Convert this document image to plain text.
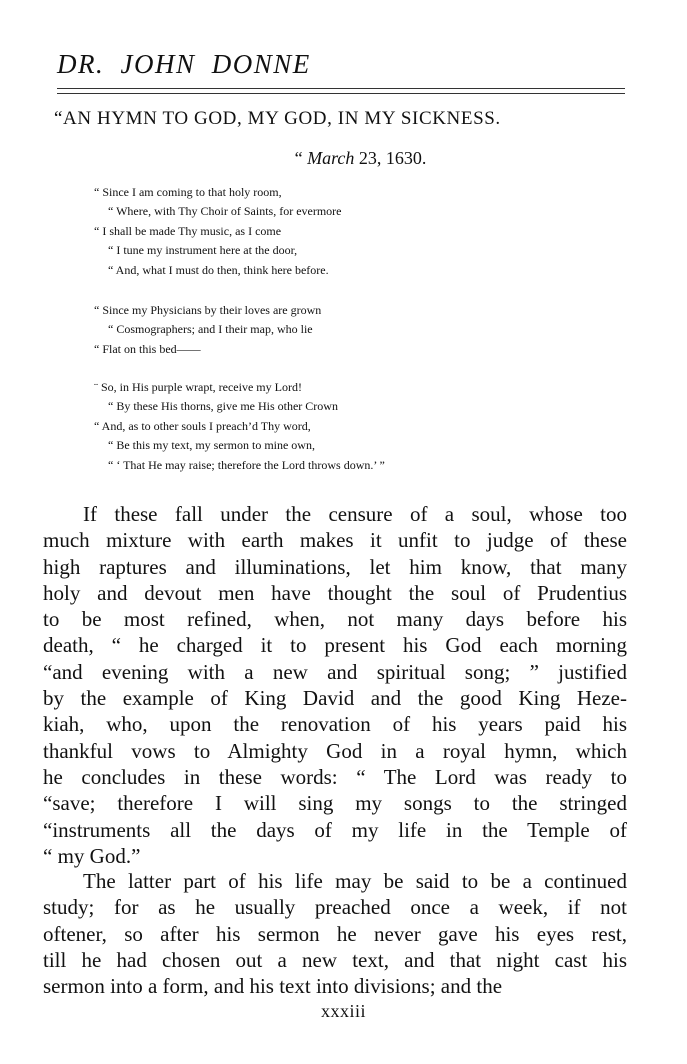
DR. JOHN DONNE
“AN HYMN TO GOD, MY GOD, IN MY SICKNESS.
“ March 23, 1630.
“ Since I am coming to that holy room,
“ Where, with Thy Choir of Saints, for evermore
“ I shall be made Thy music, as I come
“ I tune my instrument here at the door,
“ And, what I must do then, think here before.
“ Since my Physicians by their loves are grown
“ Cosmographers; and I their map, who lie
“ Flat on this bed——
¨ So, in His purple wrapt, receive my Lord!
“ By these His thorns, give me His other Crown
“ And, as to other souls I preach’d Thy word,
“ Be this my text, my sermon to mine own,
“ ‘ That He may raise; therefore the Lord throws down.’ ”
If these fall under the censure of a soul, whose too
much mixture with earth makes it unfit to judge of these
high raptures and illuminations, let him know, that many
holy and devout men have thought the soul of Prudentius
to be most refined, when, not many days before his
death, “ he charged it to present his God each morning
“and evening with a new and spiritual song; ” justified
by the example of King David and the good King Heze-
kiah, who, upon the renovation of his years paid his
thankful vows to Almighty God in a royal hymn, which
he concludes in these words: “ The Lord was ready to
“save; therefore I will sing my songs to the stringed
“instruments all the days of my life in the Temple of
“ my God.”
The latter part of his life may be said to be a continued
study; for as he usually preached once a week, if not
oftener, so after his sermon he never gave his eyes rest,
till he had chosen out a new text, and that night cast his
sermon into a form, and his text into divisions; and the
xxxiii
